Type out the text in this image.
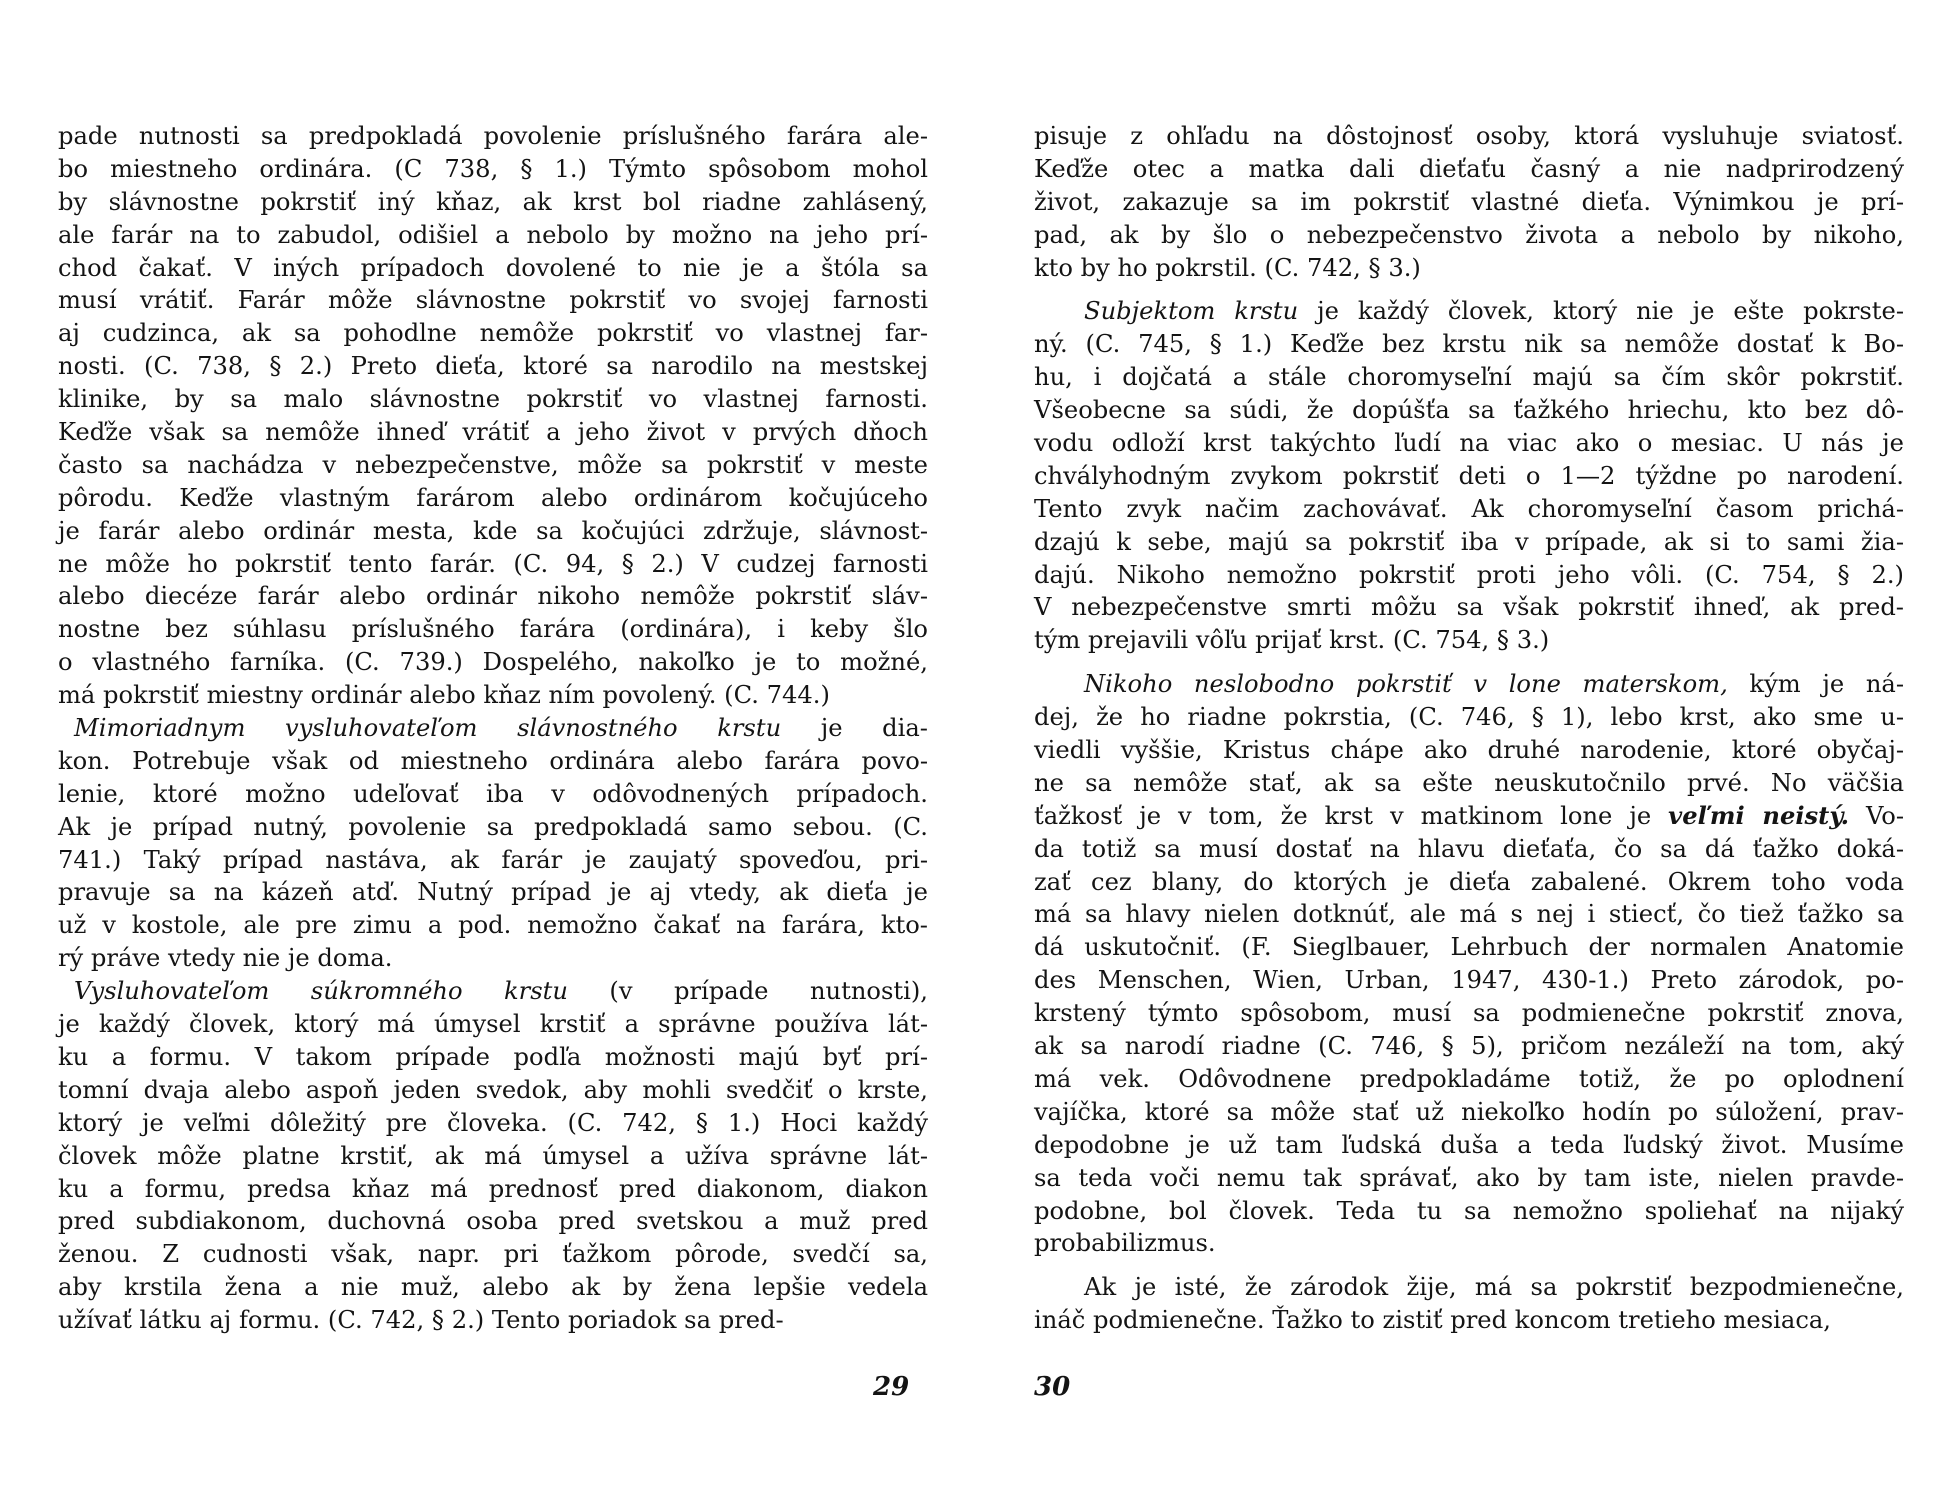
pade nutnosti sa predpokladá povolenie príslušného farára ale-
bo miestneho ordinára. (C 738, § 1.) Týmto spôsobom mohol
by slávnostne pokrstiť iný kňaz, ak krst bol riadne zahlásený,
ale farár na to zabudol, odišiel a nebolo by možno na jeho prí-
chod čakať. V iných prípadoch dovolené to nie je a štóla sa
musí vrátiť. Farár môže slávnostne pokrstiť vo svojej farnosti
aj cudzinca, ak sa pohodlne nemôže pokrstiť vo vlastnej far-
nosti. (C. 738, § 2.) Preto dieťa, ktoré sa narodilo na mestskej
klinike, by sa malo slávnostne pokrstiť vo vlastnej farnosti.
Keďže však sa nemôže ihneď vrátiť a jeho život v prvých dňoch
často sa nachádza v nebezpečenstve, môže sa pokrstiť v meste
pôrodu. Keďže vlastným farárom alebo ordinárom kočujúceho
je farár alebo ordinár mesta, kde sa kočujúci zdržuje, slávnost-
ne môže ho pokrstiť tento farár. (C. 94, § 2.) V cudzej farnosti
alebo diecéze farár alebo ordinár nikoho nemôže pokrstiť sláv-
nostne bez súhlasu príslušného farára (ordinára), i keby šlo
o vlastného farníka. (C. 739.) Dospelého, nakoľko je to možné,
má pokrstiť miestny ordinár alebo kňaz ním povolený. (C. 744.)
Mimoriadnym vysluhovateľom slávnostného krstu je dia-
kon. Potrebuje však od miestneho ordinára alebo farára povo-
lenie, ktoré možno udeľovať iba v odôvodnených prípadoch.
Ak je prípad nutný, povolenie sa predpokladá samo sebou. (C.
741.) Taký prípad nastáva, ak farár je zaujatý spoveďou, pri-
pravuje sa na kázeň atď. Nutný prípad je aj vtedy, ak dieťa je
už v kostole, ale pre zimu a pod. nemožno čakať na farára, kto-
rý práve vtedy nie je doma.
Vysluhovateľom súkromného krstu (v prípade nutnosti),
je každý človek, ktorý má úmysel krstiť a správne používa lát-
ku a formu. V takom prípade podľa možnosti majú byť prí-
tomní dvaja alebo aspoň jeden svedok, aby mohli svedčiť o krste,
ktorý je veľmi dôležitý pre človeka. (C. 742, § 1.) Hoci každý
človek môže platne krstiť, ak má úmysel a užíva správne lát-
ku a formu, predsa kňaz má prednosť pred diakonom, diakon
pred subdiakonom, duchovná osoba pred svetskou a muž pred
ženou. Z cudnosti však, napr. pri ťažkom pôrode, svedčí sa,
aby krstila žena a nie muž, alebo ak by žena lepšie vedela
užívať látku aj formu. (C. 742, § 2.) Tento poriadok sa pred-
29
pisuje z ohľadu na dôstojnosť osoby, ktorá vysluhuje sviatosť.
Keďže otec a matka dali dieťaťu časný a nie nadprirodzený
život, zakazuje sa im pokrstiť vlastné dieťa. Výnimkou je prí-
pad, ak by šlo o nebezpečenstvo života a nebolo by nikoho,
kto by ho pokrstil. (C. 742, § 3.)
Subjektom krstu je každý človek, ktorý nie je ešte pokrste-
ný. (C. 745, § 1.) Keďže bez krstu nik sa nemôže dostať k Bo-
hu, i dojčatá a stále choromyseľní majú sa čím skôr pokrstiť.
Všeobecne sa súdi, že dopúšťa sa ťažkého hriechu, kto bez dô-
vodu odloží krst takýchto ľudí na viac ako o mesiac. U nás je
chvályhodným zvykom pokrstiť deti o 1—2 týždne po narodení.
Tento zvyk načim zachovávať. Ak choromyseľní časom prichá-
dzajú k sebe, majú sa pokrstiť iba v prípade, ak si to sami žia-
dajú. Nikoho nemožno pokrstiť proti jeho vôli. (C. 754, § 2.)
V nebezpečenstve smrti môžu sa však pokrstiť ihneď, ak pred-
tým prejavili vôľu prijať krst. (C. 754, § 3.)
Nikoho neslobodno pokrstiť v lone materskom, kým je ná-
dej, že ho riadne pokrstia, (C. 746, § 1), lebo krst, ako sme u-
viedli vyššie, Kristus chápe ako druhé narodenie, ktoré obyčaj-
ne sa nemôže stať, ak sa ešte neuskutočnilo prvé. No väčšia
ťažkosť je v tom, že krst v matkinom lone je veľmi neistý. Vo-
da totiž sa musí dostať na hlavu dieťaťa, čo sa dá ťažko doká-
zať cez blany, do ktorých je dieťa zabalené. Okrem toho voda
má sa hlavy nielen dotknúť, ale má s nej i stiecť, čo tiež ťažko sa
dá uskutočniť. (F. Sieglbauer, Lehrbuch der normalen Anatomie
des Menschen, Wien, Urban, 1947, 430-1.) Preto zárodok, po-
krstený týmto spôsobom, musí sa podmienečne pokrstiť znova,
ak sa narodí riadne (C. 746, § 5), pričom nezáleží na tom, aký
má vek. Odôvodnene predpokladáme totiž, že po oplodnení
vajíčka, ktoré sa môže stať už niekoľko hodín po súložení, prav-
depodobne je už tam ľudská duša a teda ľudský život. Musíme
sa teda voči nemu tak správať, ako by tam iste, nielen pravde-
podobne, bol človek. Teda tu sa nemožno spoliehať na nijaký
probabilizmus.
Ak je isté, že zárodok žije, má sa pokrstiť bezpodmienečne,
ináč podmienečne. Ťažko to zistiť pred koncom tretieho mesiaca,
30
